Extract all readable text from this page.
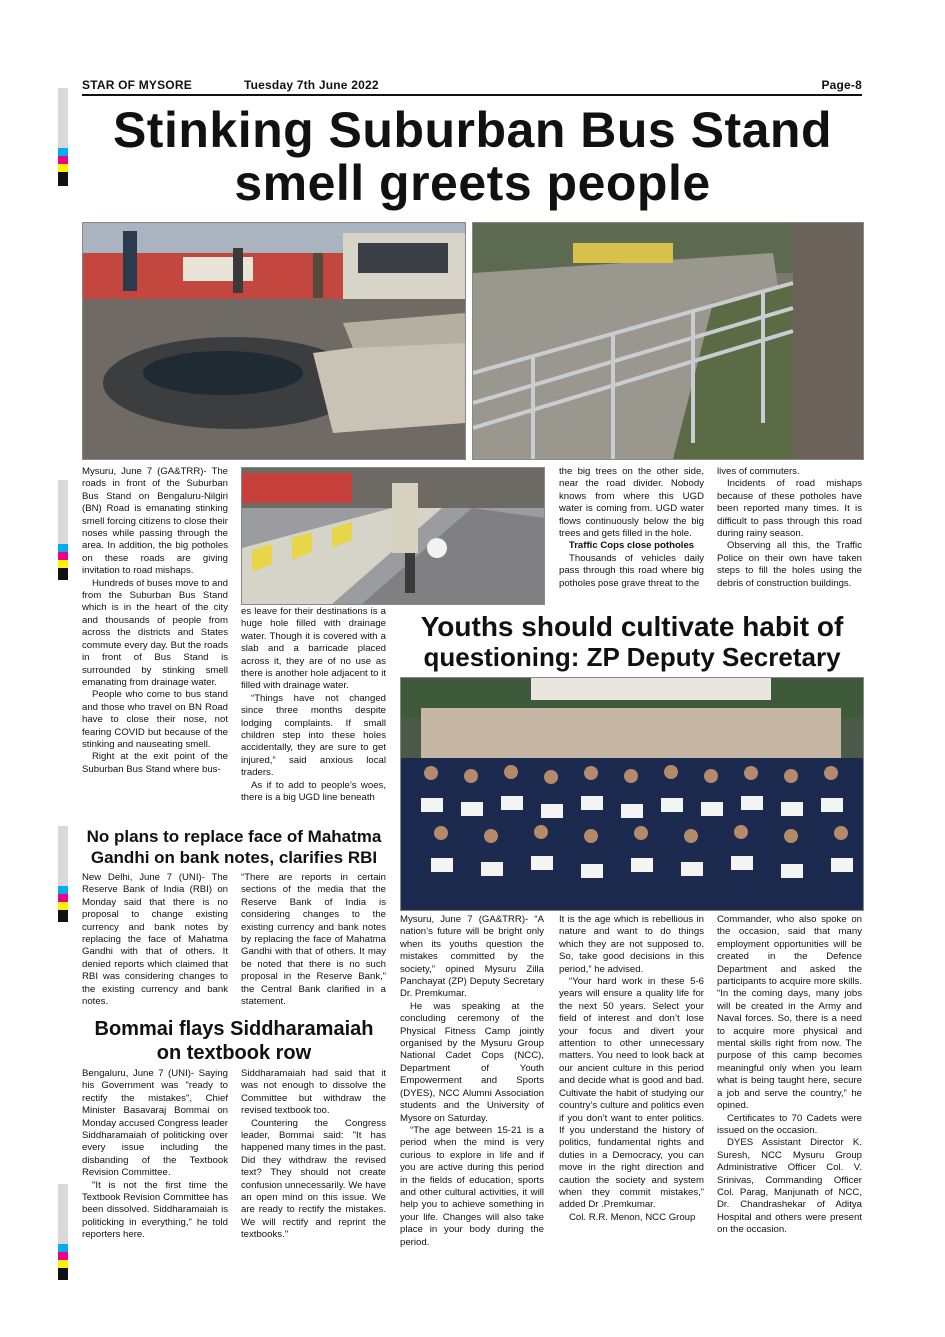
STAR OF MYSORE	Tuesday 7th June 2022	Page-8
Stinking Suburban Bus Stand
smell greets people

Mysuru, June 7 (GA&TRR)- The roads in front of the Suburban Bus Stand on Bengaluru-Nilgiri (BN) Road is emanating stinking smell forcing citizens to close their noses while passing through the area. In addition, the big potholes on these roads are giving invitation to road mishaps.

Hundreds of buses move to and from the Suburban Bus Stand which is in the heart of the city and thousands of people from across the districts and States commute every day. But the roads in front of Bus Stand is surrounded by stinking smell emanating from drainage water.

People who come to bus stand and those who travel on BN Road have to close their nose, not fearing COVID but because of the stinking and nauseating smell.

Right at the exit point of the Suburban Bus Stand where bus-

es leave for their destinations is a huge hole filled with drainage water. Though it is covered with a slab and a barricade placed across it, they are of no use as there is another hole adjacent to it filled with drainage water.

“Things have not changed since three months despite lodging complaints. If small children step into these holes accidentally, they are sure to get injured,” said anxious local traders.

As if to add to people’s woes, there is a big UGD line beneath

the big trees on the other side, near the road divider. Nobody knows from where this UGD water is coming from. UGD water flows continuously below the big trees and gets filled in the hole.

Traffic Cops close potholes

Thousands of vehicles daily pass through this road where big potholes pose grave threat to the

lives of commuters.

Incidents of road mishaps because of these potholes have been reported many times. It is difficult to pass through this road during rainy season.

Observing all this, the Traffic Police on their own have taken steps to fill the holes using the debris of construction buildings.

Youths should cultivate habit of
questioning: ZP Deputy Secretary

Mysuru, June 7 (GA&TRR)- “A nation’s future will be bright only when its youths question the mistakes committed by the society,” opined Mysuru Zilla Panchayat (ZP) Deputy Secretary Dr. Premkumar.

He was speaking at the concluding ceremony of the Physical Fitness Camp jointly organised by the Mysuru Group National Cadet Cops (NCC), Department of Youth Empowerment and Sports (DYES), NCC Alumni Association students and the University of Mysore on Saturday.

“The age between 15-21 is a period when the mind is very curious to explore in life and if you are active during this period in the fields of education, sports and other cultural activities, it will help you to achieve something in your life. Changes will also take place in your body during the period.

It is the age which is rebellious in nature and want to do things which they are not supposed to. So, take good decisions in this period,” he advised.

“Your hard work in these 5-6 years will ensure a quality life for the next 50 years. Select your field of interest and don’t lose your focus and divert your attention to other unnecessary matters. You need to look back at our ancient culture in this period and decide what is good and bad. Cultivate the habit of studying our country’s culture and politics even if you don’t want to enter politics. If you understand the history of politics, fundamental rights and duties in a Democracy, you can move in the right direction and caution the society and system when they commit mistakes,” added Dr .Premkumar.

Col. R.R. Menon, NCC Group

Commander, who also spoke on the occasion, said that many employment opportunities will be created in the Defence Department and asked the participants to acquire more skills. “In the coming days, many jobs will be created in the Army and Naval forces. So, there is a need to acquire more physical and mental skills right from now. The purpose of this camp becomes meaningful only when you learn what is being taught here, secure a job and serve the country,” he opined.

Certificates to 70 Cadets were issued on the occasion.

DYES Assistant Director K. Suresh, NCC Mysuru Group Administrative Officer Col. V. Srinivas, Commanding Officer Col. Parag, Manjunath of NCC, Dr. Chandrashekar of Aditya Hospital and others were present on the occasion.

No plans to replace face of Mahatma
Gandhi on bank notes, clarifies RBI

New Delhi, June 7 (UNI)- The Reserve Bank of India (RBI) on Monday said that there is no proposal to change existing currency and bank notes by replacing the face of Mahatma Gandhi with that of others. It denied reports which claimed that RBI was considering changes to the existing currency and bank notes.

“There are reports in certain sections of the media that the Reserve Bank of India is considering changes to the existing currency and bank notes by replacing the face of Mahatma Gandhi with that of others. It may be noted that there is no such proposal in the Reserve Bank,” the Central Bank clarified in a statement.

Bommai flays Siddharamaiah
on textbook row

Bengaluru, June 7 (UNI)- Saying his Government was "ready to rectify the mistakes", Chief Minister Basavaraj Bommai on Monday accused Congress leader Siddharamaiah of politicking over every issue including the disbanding of the Textbook Revision Committee.

"It is not the first time the Textbook Revision Committee has been dissolved. Siddharamaiah is politicking in everything," he told reporters here.

Siddharamaiah had said that it was not enough to dissolve the Committee but withdraw the revised textbook too.

Countering the Congress leader, Bommai said: "It has happened many times in the past. Did they withdraw the revised text? They should not create confusion unnecessarily. We have an open mind on this issue. We are ready to rectify the mistakes. We will rectify and reprint the textbooks."
